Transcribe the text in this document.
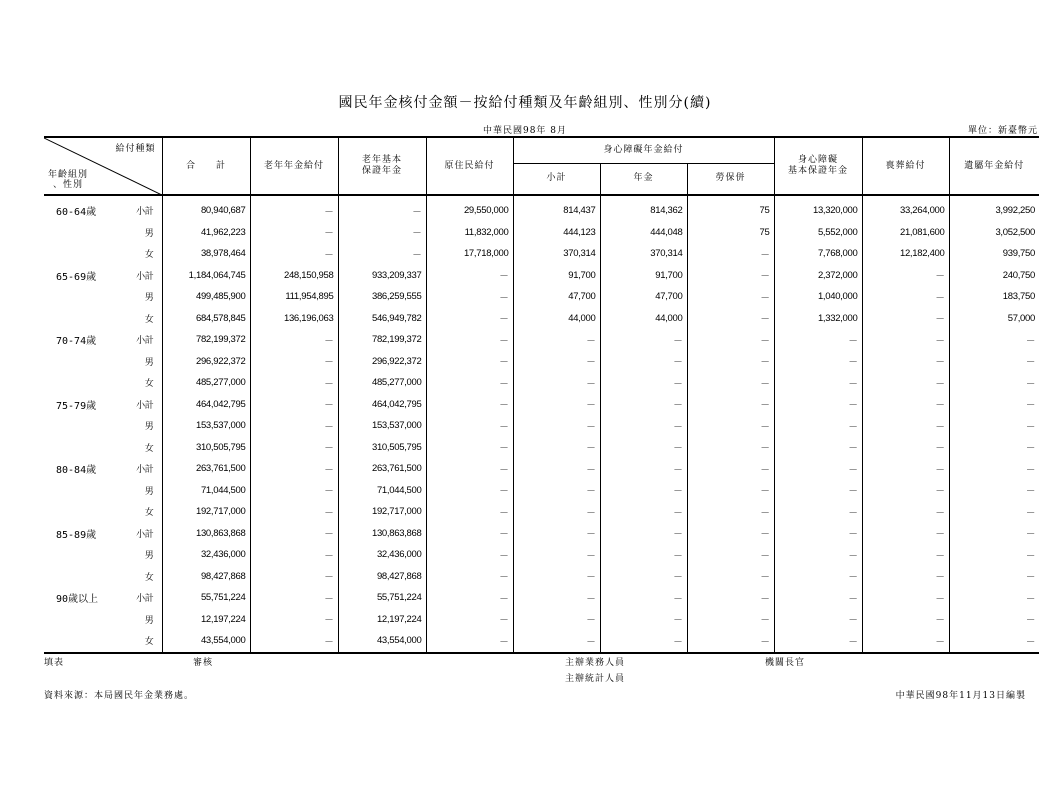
國民年金核付金額－按給付種類及年齡組別、性別分(續)
中華民國98年 8月	單位：新臺幣元
給付種類
年齡組別
、性別		合　　計	老年年金給付	老年基本
保證年金	原住民給付	身心障礙年金給付			身心障礙
基本保證年金	喪葬給付	遺屬年金給付
						小計	年金	勞保併			
60-64歲	小計	80,940,687	－	－	29,550,000	814,437	814,362	75	13,320,000	33,264,000	3,992,250
	男	41,962,223	－	－	11,832,000	444,123	444,048	75	5,552,000	21,081,600	3,052,500
	女	38,978,464	－	－	17,718,000	370,314	370,314	－	7,768,000	12,182,400	939,750
65-69歲	小計	1,184,064,745	248,150,958	933,209,337	－	91,700	91,700	－	2,372,000	－	240,750
	男	499,485,900	111,954,895	386,259,555	－	47,700	47,700	－	1,040,000	－	183,750
	女	684,578,845	136,196,063	546,949,782	－	44,000	44,000	－	1,332,000	－	57,000
70-74歲	小計	782,199,372	－	782,199,372	－	－	－	－	－	－	－
	男	296,922,372	－	296,922,372	－	－	－	－	－	－	－
	女	485,277,000	－	485,277,000	－	－	－	－	－	－	－
75-79歲	小計	464,042,795	－	464,042,795	－	－	－	－	－	－	－
	男	153,537,000	－	153,537,000	－	－	－	－	－	－	－
	女	310,505,795	－	310,505,795	－	－	－	－	－	－	－
80-84歲	小計	263,761,500	－	263,761,500	－	－	－	－	－	－	－
	男	71,044,500	－	71,044,500	－	－	－	－	－	－	－
	女	192,717,000	－	192,717,000	－	－	－	－	－	－	－
85-89歲	小計	130,863,868	－	130,863,868	－	－	－	－	－	－	－
	男	32,436,000	－	32,436,000	－	－	－	－	－	－	－
	女	98,427,868	－	98,427,868	－	－	－	－	－	－	－
90歲以上	小計	55,751,224	－	55,751,224	－	－	－	－	－	－	－
	男	12,197,224	－	12,197,224	－	－	－	－	－	－	－
	女	43,554,000	－	43,554,000	－	－	－	－	－	－	－
填表	審核	主辦業務人員
主辦統計人員
機關長官
資料來源：本局國民年金業務處。	中華民國98年11月13日編製
